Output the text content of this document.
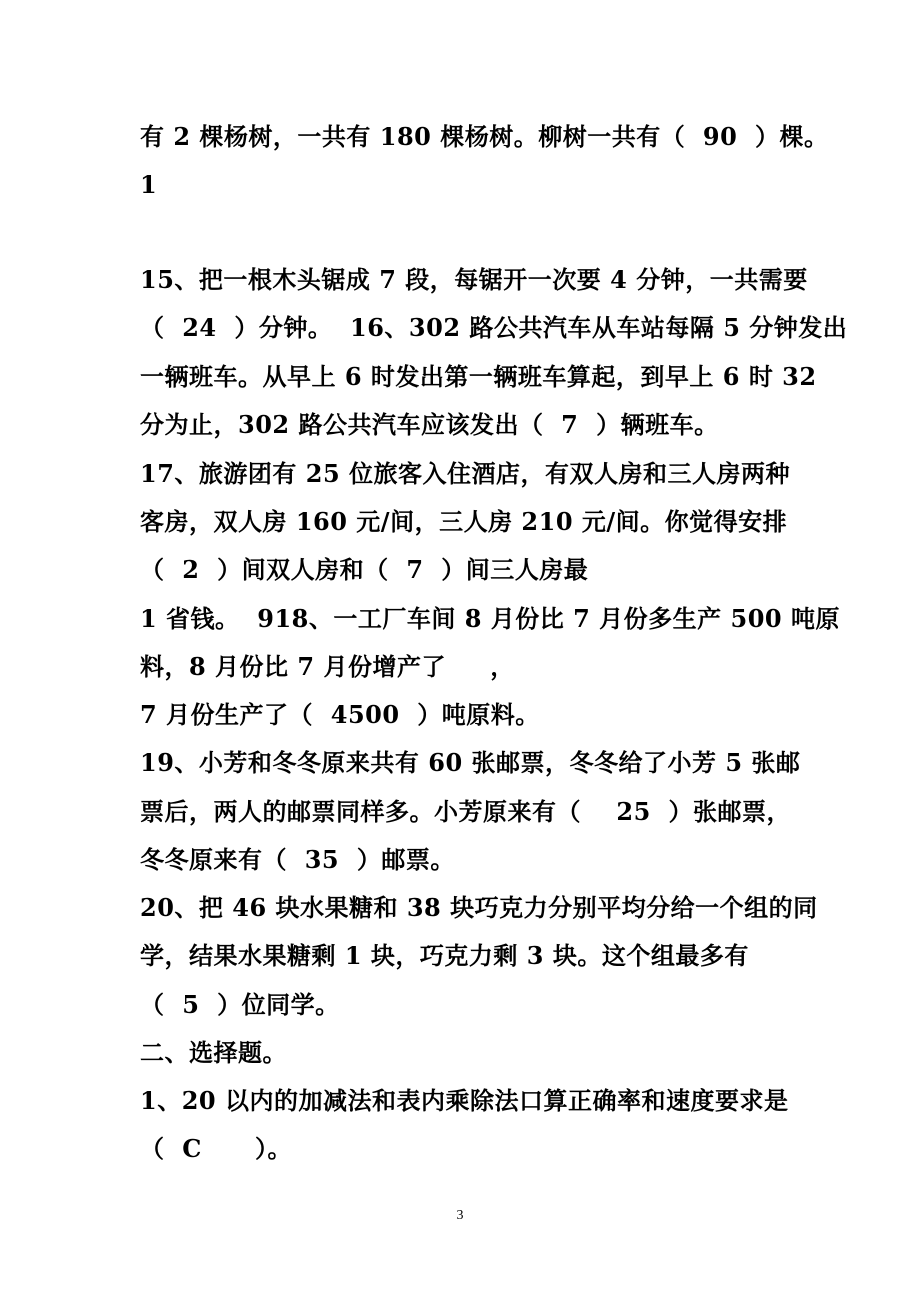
有 2 棵杨树，一共有 180 棵杨树。柳树一共有（  90  ）棵。
1
15、把一根木头锯成 7 段，每锯开一次要 4 分钟，一共需要
（  24  ）分钟。  16、302 路公共汽车从车站每隔 5 分钟发出
一辆班车。从早上 6 时发出第一辆班车算起，到早上 6 时 32
分为止，302 路公共汽车应该发出（  7  ）辆班车。
17、旅游团有 25 位旅客入住酒店，有双人房和三人房两种
客房，双人房 160 元/间，三人房 210 元/间。你觉得安排
（  2  ）间双人房和（  7  ）间三人房最
1 省钱。  918、一工厂车间 8 月份比 7 月份多生产 500 吨原
料，8 月份比 7 月份增产了     ，
7 月份生产了（  4500  ）吨原料。
19、小芳和冬冬原来共有 60 张邮票，冬冬给了小芳 5 张邮
票后，两人的邮票同样多。小芳原来有（    25  ）张邮票，
冬冬原来有（  35  ）邮票。
20、把 46 块水果糖和 38 块巧克力分别平均分给一个组的同
学，结果水果糖剩 1 块，巧克力剩 3 块。这个组最多有
（  5  ）位同学。
二、选择题。
1、20 以内的加减法和表内乘除法口算正确率和速度要求是
（  C      ）。
3
